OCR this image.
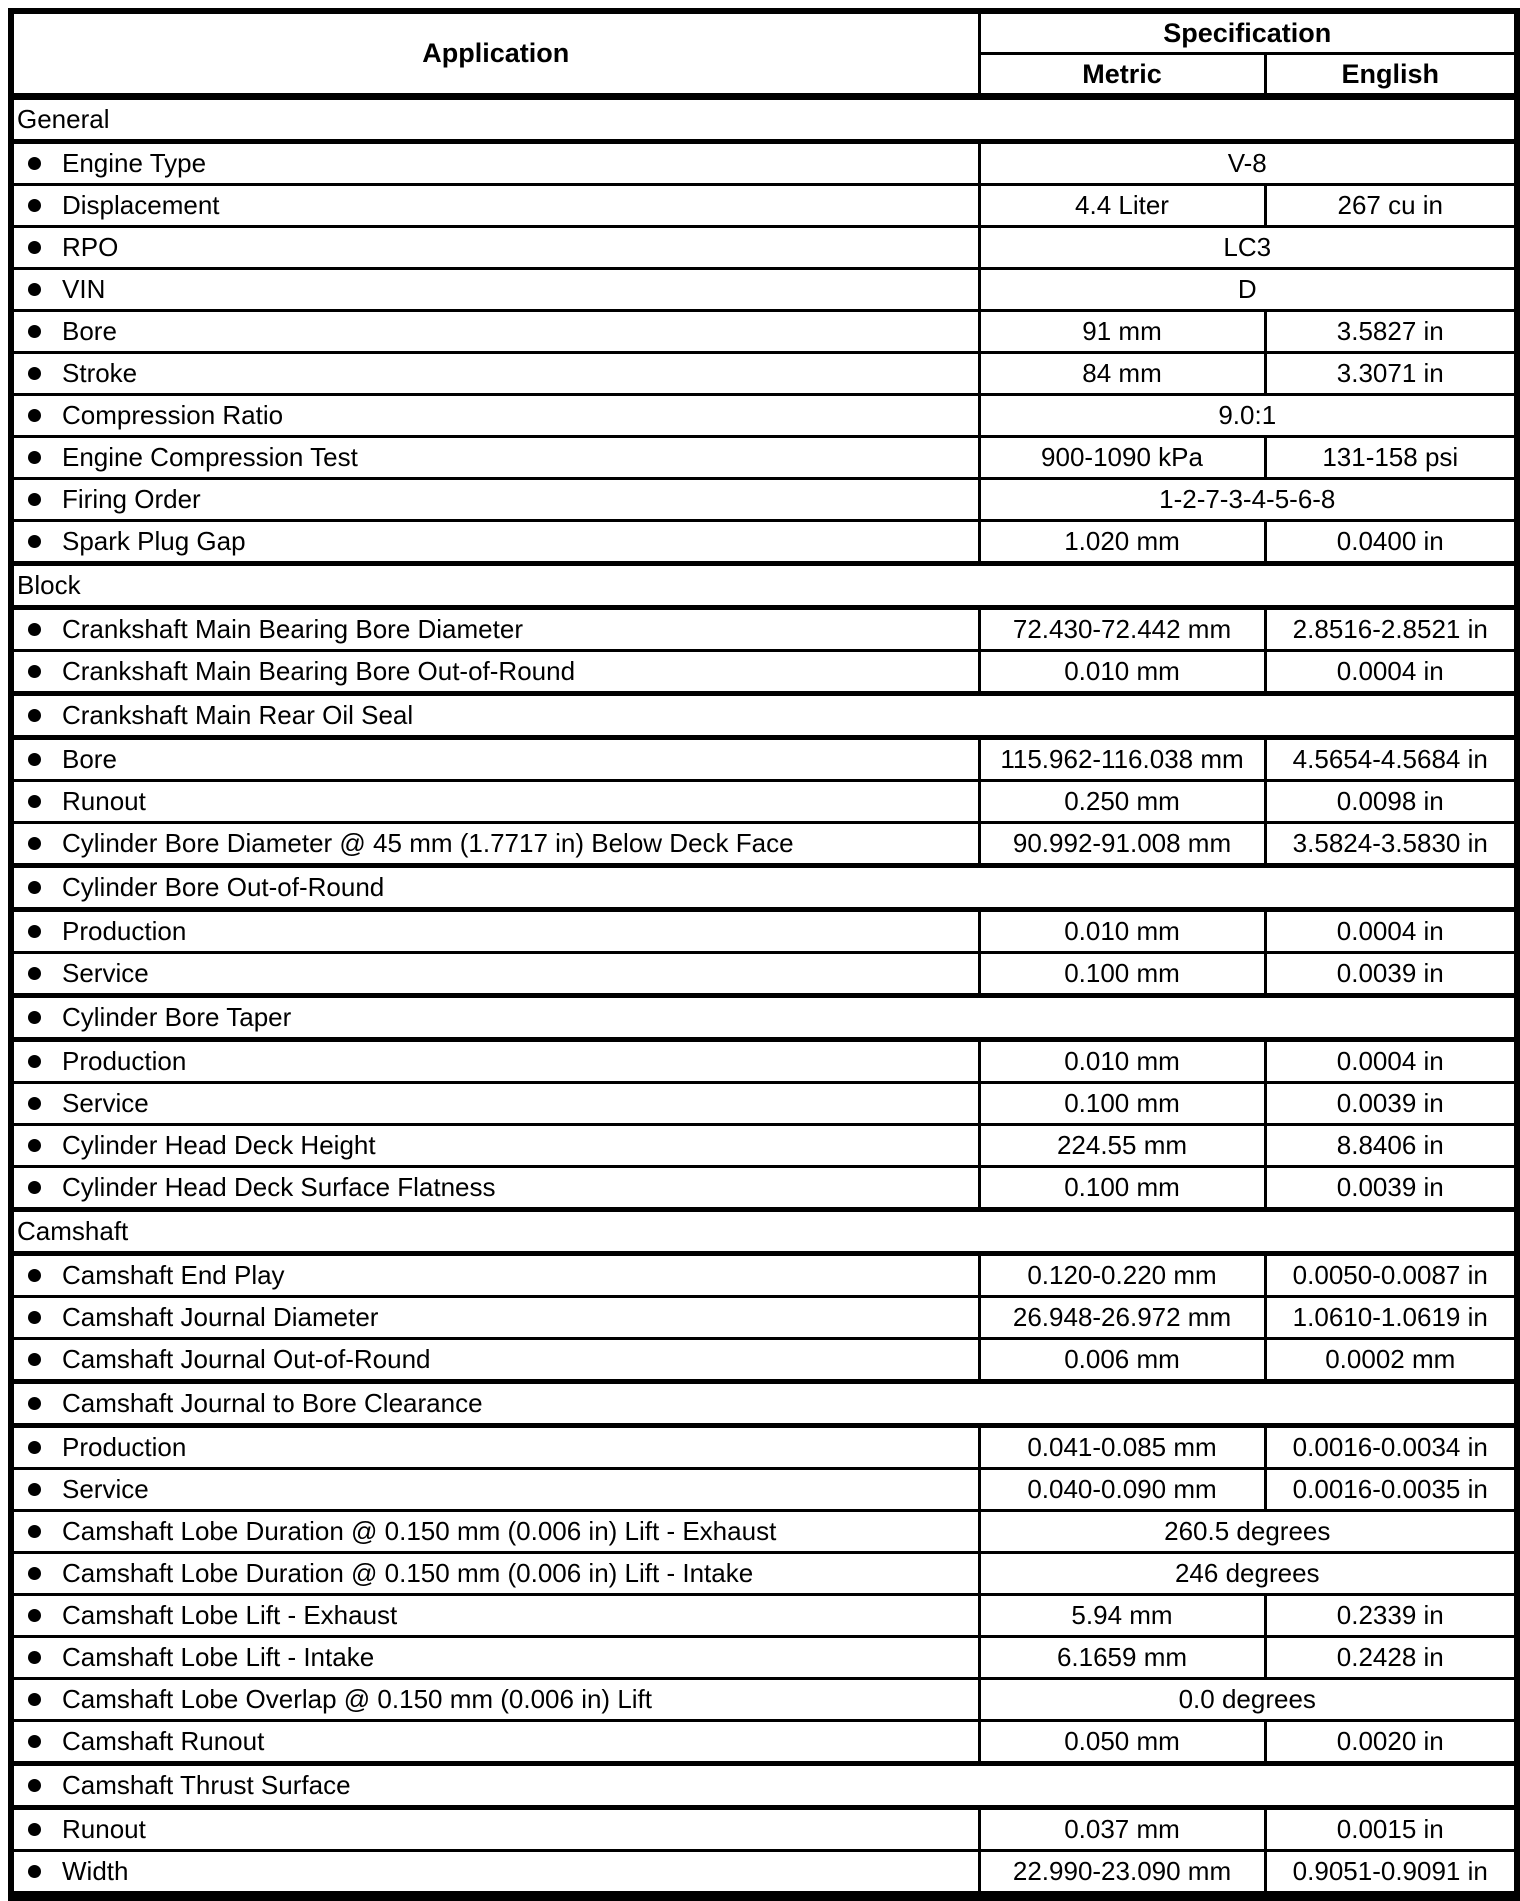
Application	Specification	
	Metric	English
General		

Engine Type	V-8	

Displacement	4.4 Liter	267 cu in

RPO	LC3	

VIN	D	

Bore	91 mm	3.5827 in

Stroke	84 mm	3.3071 in

Compression Ratio	9.0:1	

Engine Compression Test	900-1090 kPa	131-158 psi

Firing Order	1-2-7-3-4-5-6-8	

Spark Plug Gap	1.020 mm	0.0400 in
Block		

Crankshaft Main Bearing Bore Diameter	72.430-72.442 mm	2.8516-2.8521 in

Crankshaft Main Bearing Bore Out-of-Round	0.010 mm	0.0004 in

Crankshaft Main Rear Oil Seal		

Bore	115.962-116.038 mm	4.5654-4.5684 in

Runout	0.250 mm	0.0098 in

Cylinder Bore Diameter @ 45 mm (1.7717 in) Below Deck Face	90.992-91.008 mm	3.5824-3.5830 in

Cylinder Bore Out-of-Round		

Production	0.010 mm	0.0004 in

Service	0.100 mm	0.0039 in

Cylinder Bore Taper		

Production	0.010 mm	0.0004 in

Service	0.100 mm	0.0039 in

Cylinder Head Deck Height	224.55 mm	8.8406 in

Cylinder Head Deck Surface Flatness	0.100 mm	0.0039 in
Camshaft		

Camshaft End Play	0.120-0.220 mm	0.0050-0.0087 in

Camshaft Journal Diameter	26.948-26.972 mm	1.0610-1.0619 in

Camshaft Journal Out-of-Round	0.006 mm	0.0002 mm

Camshaft Journal to Bore Clearance		

Production	0.041-0.085 mm	0.0016-0.0034 in

Service	0.040-0.090 mm	0.0016-0.0035 in

Camshaft Lobe Duration @ 0.150 mm (0.006 in) Lift - Exhaust	260.5 degrees	

Camshaft Lobe Duration @ 0.150 mm (0.006 in) Lift - Intake	246 degrees	

Camshaft Lobe Lift - Exhaust	5.94 mm	0.2339 in

Camshaft Lobe Lift - Intake	6.1659 mm	0.2428 in

Camshaft Lobe Overlap @ 0.150 mm (0.006 in) Lift	0.0 degrees	

Camshaft Runout	0.050 mm	0.0020 in

Camshaft Thrust Surface		

Runout	0.037 mm	0.0015 in

Width	22.990-23.090 mm	0.9051-0.9091 in
